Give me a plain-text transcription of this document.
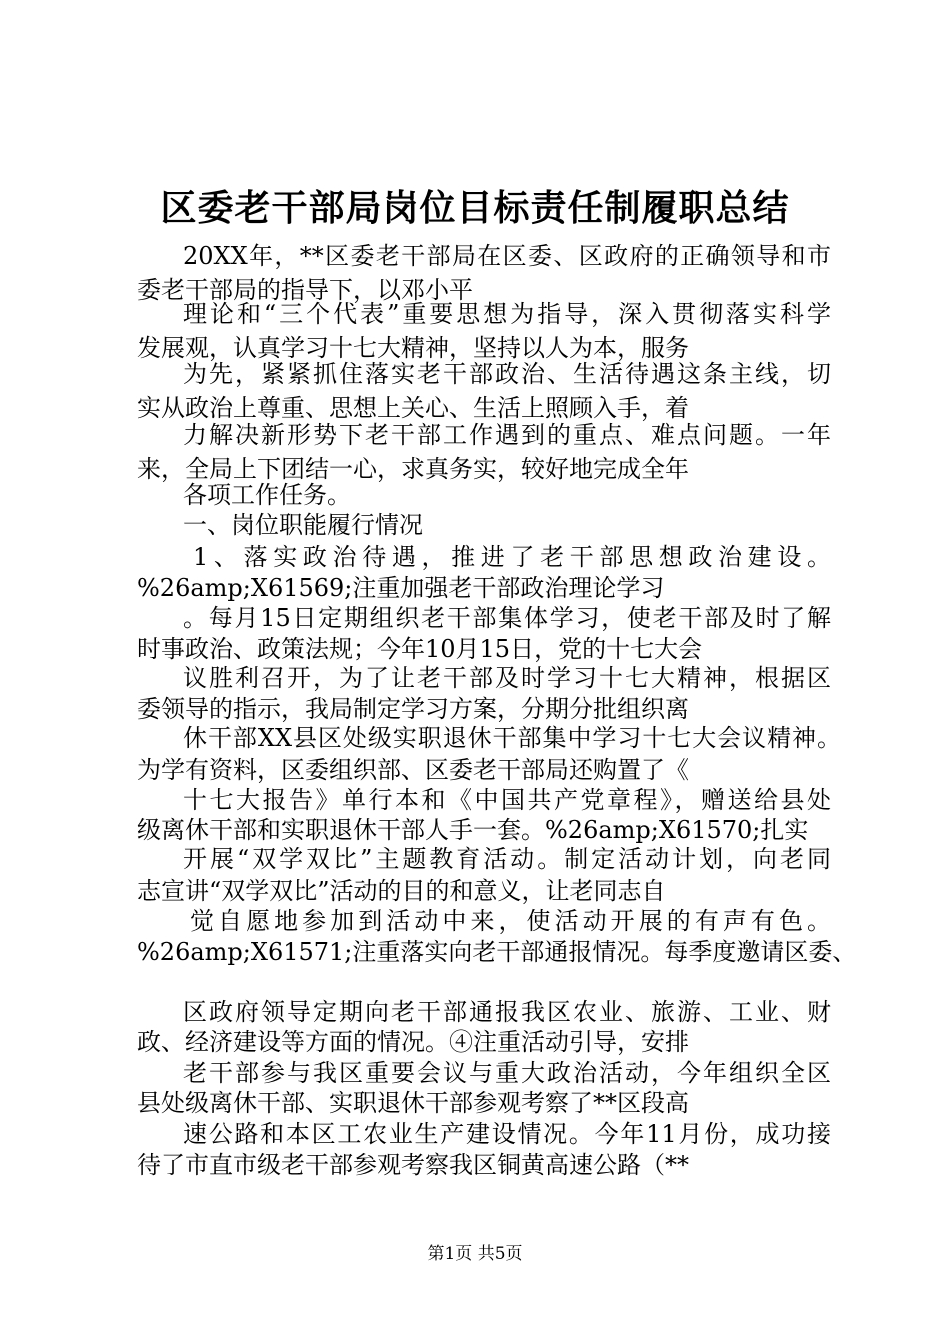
区委老干部局岗位目标责任制履职总结

20XX年，**区委老干部局在区委、区政府的正确领导和市

委老干部局的指导下，以邓小平

理论和“三个代表”重要思想为指导，深入贯彻落实科学

发展观，认真学习十七大精神，坚持以人为本，服务

为先，紧紧抓住落实老干部政治、生活待遇这条主线，切

实从政治上尊重、思想上关心、生活上照顾入手，着

力解决新形势下老干部工作遇到的重点、难点问题。一年

来，全局上下团结一心，求真务实，较好地完成全年

各项工作任务。

一、岗位职能履行情况

1、落实政治待遇，推进了老干部思想政治建设。

%26amp;X61569;注重加强老干部政治理论学习

。每月15日定期组织老干部集体学习，使老干部及时了解

时事政治、政策法规；今年10月15日，党的十七大会

议胜利召开，为了让老干部及时学习十七大精神，根据区

委领导的指示，我局制定学习方案，分期分批组织离

休干部XX县区处级实职退休干部集中学习十七大会议精神。

为学有资料，区委组织部、区委老干部局还购置了《

十七大报告》单行本和《中国共产党章程》，赠送给县处

级离休干部和实职退休干部人手一套。%26amp;X61570;扎实

开展“双学双比”主题教育活动。制定活动计划，向老同

志宣讲“双学双比”活动的目的和意义，让老同志自

觉自愿地参加到活动中来，使活动开展的有声有色。

%26amp;X61571;注重落实向老干部通报情况。每季度邀请区委、

区政府领导定期向老干部通报我区农业、旅游、工业、财

政、经济建设等方面的情况。④注重活动引导，安排

老干部参与我区重要会议与重大政治活动，今年组织全区

县处级离休干部、实职退休干部参观考察了**区段高

速公路和本区工农业生产建设情况。今年11月份，成功接

待了市直市级老干部参观考察我区铜黄高速公路（**

第1页 共5页
